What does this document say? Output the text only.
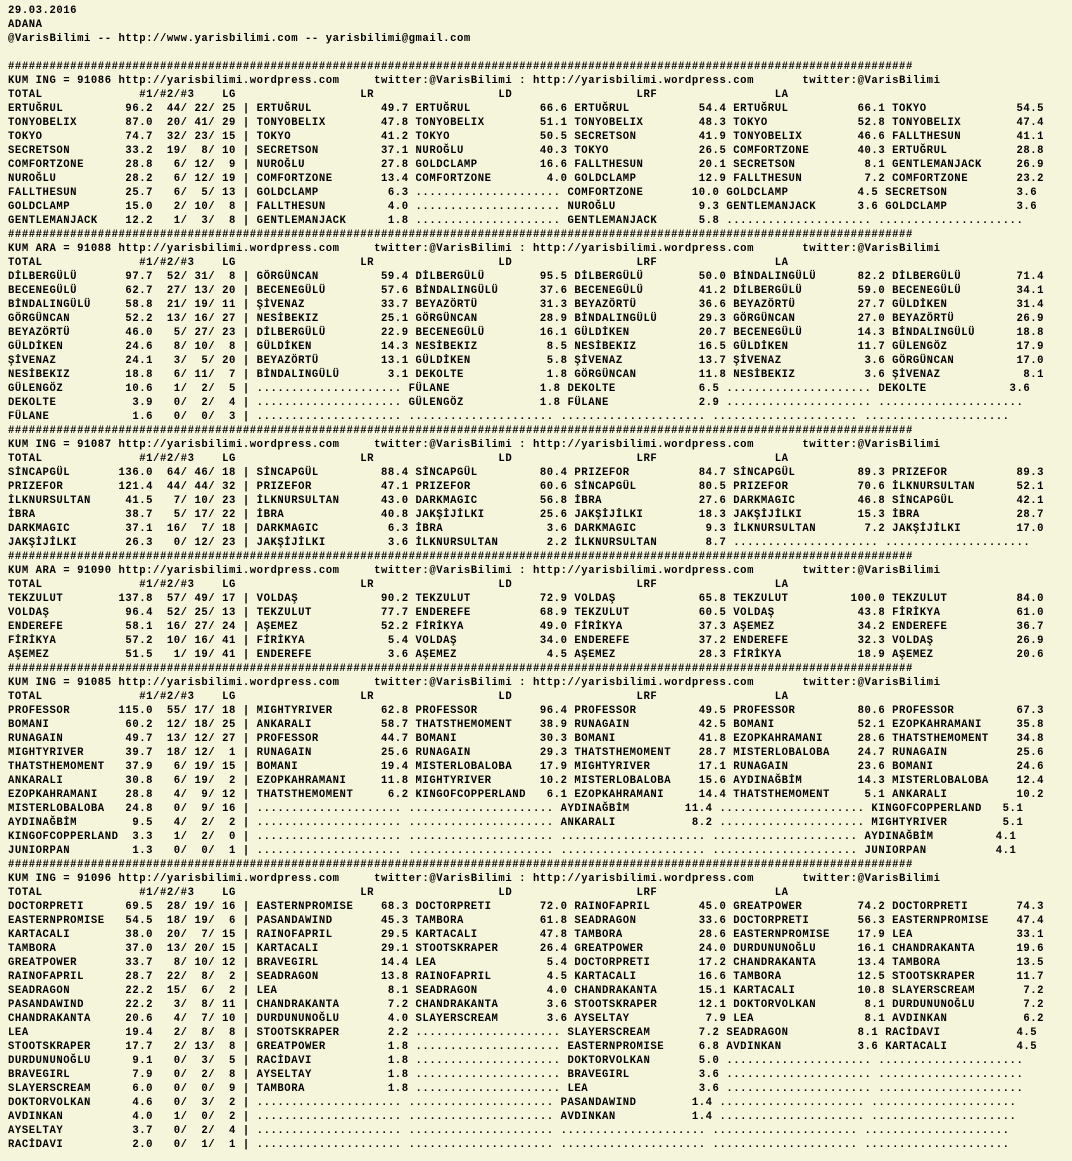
29.03.2016
ADANA
@VarisBilimi -- http://www.yarisbilimi.com -- yarisbilimi@gmail.com

###################################################################################################################################
KUM ING = 91086 http://yarisbilimi.wordpress.com     twitter:@VarisBilimi : http://yarisbilimi.wordpress.com       twitter:@VarisBilimi
TOTAL              #1/#2/#3    LG                  LR                  LD                  LRF                 LA
ERTUĞRUL         96.2  44/ 22/ 25 | ERTUĞRUL          49.7 ERTUĞRUL          66.6 ERTUĞRUL          54.4 ERTUĞRUL          66.1 TOKYO             54.5
TONYOBELIX       87.0  20/ 41/ 29 | TONYOBELIX        47.8 TONYOBELIX        51.1 TONYOBELIX        48.3 TOKYO             52.8 TONYOBELIX        47.4
TOKYO            74.7  32/ 23/ 15 | TOKYO             41.2 TOKYO             50.5 SECRETSON         41.9 TONYOBELIX        46.6 FALLTHESUN        41.1
SECRETSON        33.2  19/  8/ 10 | SECRETSON         37.1 NUROĞLU           40.3 TOKYO             26.5 COMFORTZONE       40.3 ERTUĞRUL          28.8
COMFORTZONE      28.8   6/ 12/  9 | NUROĞLU           27.8 GOLDCLAMP         16.6 FALLTHESUN        20.1 SECRETSON          8.1 GENTLEMANJACK     26.9
NUROĞLU          28.2   6/ 12/ 19 | COMFORTZONE       13.4 COMFORTZONE        4.0 GOLDCLAMP         12.9 FALLTHESUN         7.2 COMFORTZONE       23.2
FALLTHESUN       25.7   6/  5/ 13 | GOLDCLAMP          6.3 ..................... COMFORTZONE       10.0 GOLDCLAMP          4.5 SECRETSON          3.6
GOLDCLAMP        15.0   2/ 10/  8 | FALLTHESUN         4.0 ..................... NUROĞLU            9.3 GENTLEMANJACK      3.6 GOLDCLAMP          3.6
GENTLEMANJACK    12.2   1/  3/  8 | GENTLEMANJACK      1.8 ..................... GENTLEMANJACK      5.8 ..................... .....................
###################################################################################################################################
KUM ARA = 91088 http://yarisbilimi.wordpress.com     twitter:@VarisBilimi : http://yarisbilimi.wordpress.com       twitter:@VarisBilimi
TOTAL              #1/#2/#3    LG                  LR                  LD                  LRF                 LA
DİLBERGÜLÜ       97.7  52/ 31/  8 | GÖRGÜNCAN         59.4 DİLBERGÜLÜ        95.5 DİLBERGÜLÜ        50.0 BİNDALINGÜLÜ      82.2 DİLBERGÜLÜ        71.4
BECENEGÜLÜ       62.7  27/ 13/ 20 | BECENEGÜLÜ        57.6 BİNDALINGÜLÜ      37.6 BECENEGÜLÜ        41.2 DİLBERGÜLÜ        59.0 BECENEGÜLÜ        34.1
BİNDALINGÜLÜ     58.8  21/ 19/ 11 | ŞİVENAZ           33.7 BEYAZÖRTÜ         31.3 BEYAZÖRTÜ         36.6 BEYAZÖRTÜ         27.7 GÜLDİKEN          31.4
GÖRGÜNCAN        52.2  13/ 16/ 27 | NESİBEKIZ         25.1 GÖRGÜNCAN         28.9 BİNDALINGÜLÜ      29.3 GÖRGÜNCAN         27.0 BEYAZÖRTÜ         26.9
BEYAZÖRTÜ        46.0   5/ 27/ 23 | DİLBERGÜLÜ        22.9 BECENEGÜLÜ        16.1 GÜLDİKEN          20.7 BECENEGÜLÜ        14.3 BİNDALINGÜLÜ      18.8
GÜLDİKEN         24.6   8/ 10/  8 | GÜLDİKEN          14.3 NESİBEKIZ          8.5 NESİBEKIZ         16.5 GÜLDİKEN          11.7 GÜLENGÖZ          17.9
ŞİVENAZ          24.1   3/  5/ 20 | BEYAZÖRTÜ         13.1 GÜLDİKEN           5.8 ŞİVENAZ           13.7 ŞİVENAZ            3.6 GÖRGÜNCAN         17.0
NESİBEKIZ        18.8   6/ 11/  7 | BİNDALINGÜLÜ       3.1 DEKOLTE            1.8 GÖRGÜNCAN         11.8 NESİBEKIZ          3.6 ŞİVENAZ            8.1
GÜLENGÖZ         10.6   1/  2/  5 | ..................... FÜLANE             1.8 DEKOLTE            6.5 ..................... DEKOLTE            3.6
DEKOLTE           3.9   0/  2/  4 | ..................... GÜLENGÖZ           1.8 FÜLANE             2.9 ..................... .....................
FÜLANE            1.6   0/  0/  3 | ..................... ..................... ..................... ..................... .....................
###################################################################################################################################
KUM ING = 91087 http://yarisbilimi.wordpress.com     twitter:@VarisBilimi : http://yarisbilimi.wordpress.com       twitter:@VarisBilimi
TOTAL              #1/#2/#3    LG                  LR                  LD                  LRF                 LA
SİNCAPGÜL       136.0  64/ 46/ 18 | SİNCAPGÜL         88.4 SİNCAPGÜL         80.4 PRIZEFOR          84.7 SİNCAPGÜL         89.3 PRIZEFOR          89.3
PRIZEFOR        121.4  44/ 44/ 32 | PRIZEFOR          47.1 PRIZEFOR          60.6 SİNCAPGÜL         80.5 PRIZEFOR          70.6 İLKNURSULTAN      52.1
İLKNURSULTAN     41.5   7/ 10/ 23 | İLKNURSULTAN      43.0 DARKMAGIC         56.8 İBRA              27.6 DARKMAGIC         46.8 SİNCAPGÜL         42.1
İBRA             38.7   5/ 17/ 22 | İBRA              40.8 JAKŞİJİLKI        25.6 JAKŞİJİLKI        18.3 JAKŞİJİLKI        15.3 İBRA              28.7
DARKMAGIC        37.1  16/  7/ 18 | DARKMAGIC          6.3 İBRA               3.6 DARKMAGIC          9.3 İLKNURSULTAN       7.2 JAKŞİJİLKI        17.0
JAKŞİJİLKI       26.3   0/ 12/ 23 | JAKŞİJİLKI         3.6 İLKNURSULTAN       2.2 İLKNURSULTAN       8.7 ..................... .....................
###################################################################################################################################
KUM ARA = 91090 http://yarisbilimi.wordpress.com     twitter:@VarisBilimi : http://yarisbilimi.wordpress.com       twitter:@VarisBilimi
TOTAL              #1/#2/#3    LG                  LR                  LD                  LRF                 LA
TEKZULUT        137.8  57/ 49/ 17 | VOLDAŞ            90.2 TEKZULUT          72.9 VOLDAŞ            65.8 TEKZULUT         100.0 TEKZULUT          84.0
VOLDAŞ           96.4  52/ 25/ 13 | TEKZULUT          77.7 ENDEREFE          68.9 TEKZULUT          60.5 VOLDAŞ            43.8 FİRİKYA           61.0
ENDEREFE         58.1  16/ 27/ 24 | AŞEMEZ            52.2 FİRİKYA           49.0 FİRİKYA           37.3 AŞEMEZ            34.2 ENDEREFE          36.7
FİRİKYA          57.2  10/ 16/ 41 | FİRİKYA            5.4 VOLDAŞ            34.0 ENDEREFE          37.2 ENDEREFE          32.3 VOLDAŞ            26.9
AŞEMEZ           51.5   1/ 19/ 41 | ENDEREFE           3.6 AŞEMEZ             4.5 AŞEMEZ            28.3 FİRİKYA           18.9 AŞEMEZ            20.6
###################################################################################################################################
KUM ING = 91085 http://yarisbilimi.wordpress.com     twitter:@VarisBilimi : http://yarisbilimi.wordpress.com       twitter:@VarisBilimi
TOTAL              #1/#2/#3    LG                  LR                  LD                  LRF                 LA
PROFESSOR       115.0  55/ 17/ 18 | MIGHTYRIVER       62.8 PROFESSOR         96.4 PROFESSOR         49.5 PROFESSOR         80.6 PROFESSOR         67.3
BOMANI           60.2  12/ 18/ 25 | ANKARALI          58.7 THATSTHEMOMENT    38.9 RUNAGAIN          42.5 BOMANI            52.1 EZOPKAHRAMANI     35.8
RUNAGAIN         49.7  13/ 12/ 27 | PROFESSOR         44.7 BOMANI            30.3 BOMANI            41.8 EZOPKAHRAMANI     28.6 THATSTHEMOMENT    34.8
MIGHTYRIVER      39.7  18/ 12/  1 | RUNAGAIN          25.6 RUNAGAIN          29.3 THATSTHEMOMENT    28.7 MISTERLOBALOBA    24.7 RUNAGAIN          25.6
THATSTHEMOMENT   37.9   6/ 19/ 15 | BOMANI            19.4 MISTERLOBALOBA    17.9 MIGHTYRIVER       17.1 RUNAGAIN          23.6 BOMANI            24.6
ANKARALI         30.8   6/ 19/  2 | EZOPKAHRAMANI     11.8 MIGHTYRIVER       10.2 MISTERLOBALOBA    15.6 AYDINAĞBİM        14.3 MISTERLOBALOBA    12.4
EZOPKAHRAMANI    28.8   4/  9/ 12 | THATSTHEMOMENT     6.2 KINGOFCOPPERLAND   6.1 EZOPKAHRAMANI     14.4 THATSTHEMOMENT     5.1 ANKARALI          10.2
MISTERLOBALOBA   24.8   0/  9/ 16 | ..................... ..................... AYDINAĞBİM        11.4 ..................... KINGOFCOPPERLAND   5.1
AYDINAĞBİM        9.5   4/  2/  2 | ..................... ..................... ANKARALI           8.2 ..................... MIGHTYRIVER        5.1
KINGOFCOPPERLAND  3.3   1/  2/  0 | ..................... ..................... ..................... ..................... AYDINAĞBİM         4.1
JUNIORPAN         1.3   0/  0/  1 | ..................... ..................... ..................... ..................... JUNIORPAN          4.1
###################################################################################################################################
KUM ING = 91096 http://yarisbilimi.wordpress.com     twitter:@VarisBilimi : http://yarisbilimi.wordpress.com       twitter:@VarisBilimi
TOTAL              #1/#2/#3    LG                  LR                  LD                  LRF                 LA
DOCTORPRETI      69.5  28/ 19/ 16 | EASTERNPROMISE    68.3 DOCTORPRETI       72.0 RAINOFAPRIL       45.0 GREATPOWER        74.2 DOCTORPRETI       74.3
EASTERNPROMISE   54.5  18/ 19/  6 | PASANDAWIND       45.3 TAMBORA           61.8 SEADRAGON         33.6 DOCTORPRETI       56.3 EASTERNPROMISE    47.4
KARTACALI        38.0  20/  7/ 15 | RAINOFAPRIL       29.5 KARTACALI         47.8 TAMBORA           28.6 EASTERNPROMISE    17.9 LEA               33.1
TAMBORA          37.0  13/ 20/ 15 | KARTACALI         29.1 STOOTSKRAPER      26.4 GREATPOWER        24.0 DURDUNUNOĞLU      16.1 CHANDRAKANTA      19.6
GREATPOWER       33.7   8/ 10/ 12 | BRAVEGIRL         14.4 LEA                5.4 DOCTORPRETI       17.2 CHANDRAKANTA      13.4 TAMBORA           13.5
RAINOFAPRIL      28.7  22/  8/  2 | SEADRAGON         13.8 RAINOFAPRIL        4.5 KARTACALI         16.6 TAMBORA           12.5 STOOTSKRAPER      11.7
SEADRAGON        22.2  15/  6/  2 | LEA                8.1 SEADRAGON          4.0 CHANDRAKANTA      15.1 KARTACALI         10.8 SLAYERSCREAM       7.2
PASANDAWIND      22.2   3/  8/ 11 | CHANDRAKANTA       7.2 CHANDRAKANTA       3.6 STOOTSKRAPER      12.1 DOKTORVOLKAN       8.1 DURDUNUNOĞLU       7.2
CHANDRAKANTA     20.6   4/  7/ 10 | DURDUNUNOĞLU       4.0 SLAYERSCREAM       3.6 AYSELTAY           7.9 LEA                8.1 AVDINKAN           6.2
LEA              19.4   2/  8/  8 | STOOTSKRAPER       2.2 ..................... SLAYERSCREAM       7.2 SEADRAGON          8.1 RACİDAVI           4.5
STOOTSKRAPER     17.7   2/ 13/  8 | GREATPOWER         1.8 ..................... EASTERNPROMISE     6.8 AVDINKAN           3.6 KARTACALI          4.5
DURDUNUNOĞLU      9.1   0/  3/  5 | RACİDAVI           1.8 ..................... DOKTORVOLKAN       5.0 ..................... .....................
BRAVEGIRL         7.9   0/  2/  8 | AYSELTAY           1.8 ..................... BRAVEGIRL          3.6 ..................... .....................
SLAYERSCREAM      6.0   0/  0/  9 | TAMBORA            1.8 ..................... LEA                3.6 ..................... .....................
DOKTORVOLKAN      4.6   0/  3/  2 | ..................... ..................... PASANDAWIND        1.4 ..................... .....................
AVDINKAN          4.0   1/  0/  2 | ..................... ..................... AVDINKAN           1.4 ..................... .....................
AYSELTAY          3.7   0/  2/  4 | ..................... ..................... ..................... ..................... .....................
RACİDAVI          2.0   0/  1/  1 | ..................... ..................... ..................... ..................... .....................
